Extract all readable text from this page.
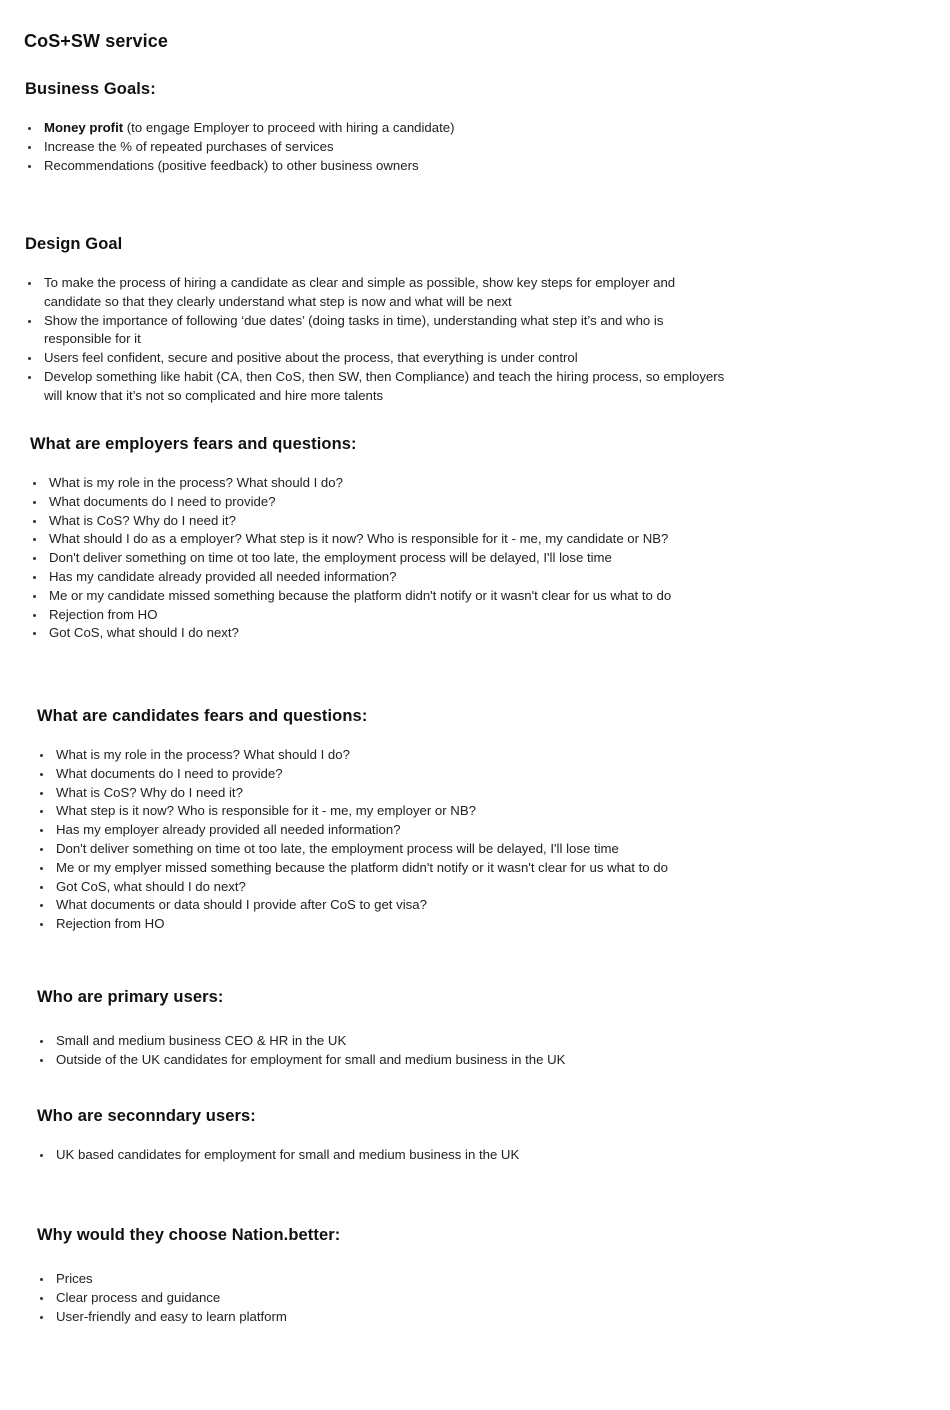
CoS+SW service
Business Goals:
Money profit (to engage Employer to proceed with hiring a candidate)
Increase the % of repeated purchases of services
Recommendations (positive feedback) to other business owners
Design Goal
To make the process of hiring a candidate as clear and simple as possible, show key steps for employer and candidate so that they clearly understand what step is now and what will be next
Show the importance of following ‘due dates’ (doing tasks in time), understanding what step it’s and who is responsible for it
Users feel confident, secure and positive about the process, that everything is under control
Develop something like habit (CA, then CoS, then SW, then Compliance) and teach the hiring process, so employers will know that it’s not so complicated and hire more talents
What are employers fears and questions:
What is my role in the process? What should I do?
What documents do I need to provide?
What is CoS? Why do I need it?
What should I do as a employer? What step is it now? Who is responsible for it - me, my candidate or NB?
Don't deliver something on time ot too late, the employment process will be delayed, I'll lose time
Has my candidate already provided all needed information?
Me or my candidate missed something because the platform didn't notify or it wasn't clear for us what to do
Rejection from HO
Got CoS, what should I do next?
What are candidates fears and questions:
What is my role in the process? What should I do?
What documents do I need to provide?
What is CoS? Why do I need it?
What step is it now? Who is responsible for it - me, my employer or NB?
Has my employer already provided all needed information?
Don't deliver something on time ot too late, the employment process will be delayed, I'll lose time
Me or my emplyer missed something because the platform didn't notify or it wasn't clear for us what to do
Got CoS, what should I do next?
What documents or data should I provide after CoS to get visa?
Rejection from HO
Who are primary users:
Small and medium business CEO & HR in the UK
Outside of the UK candidates for employment for small and medium business in the UK
Who are seconndary users:
UK based candidates for employment for small and medium business in the UK
Why would they choose Nation.better:
Prices
Clear process and guidance
User-friendly and easy to learn platform
